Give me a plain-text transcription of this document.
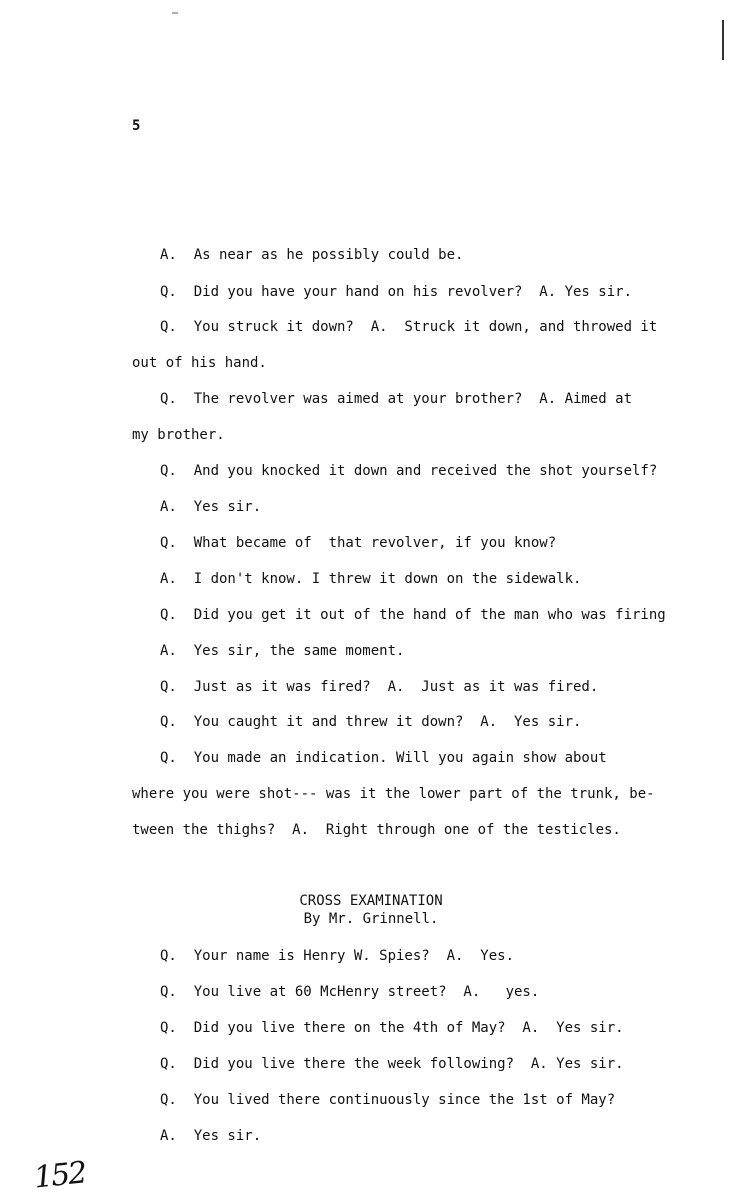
5
A.  As near as he possibly could be.
Q.  Did you have your hand on his revolver?  A. Yes sir.
Q.  You struck it down?  A.  Struck it down, and throwed it
out of his hand.
Q.  The revolver was aimed at your brother?  A. Aimed at
my brother.
Q.  And you knocked it down and received the shot yourself?
A.  Yes sir.
Q.  What became of  that revolver, if you know?
A.  I don't know. I threw it down on the sidewalk.
Q.  Did you get it out of the hand of the man who was firing
A.  Yes sir, the same moment.
Q.  Just as it was fired?  A.  Just as it was fired.
Q.  You caught it and threw it down?  A.  Yes sir.
Q.  You made an indication. Will you again show about
where you were shot--- was it the lower part of the trunk, be-
tween the thighs?  A.  Right through one of the testicles.
CROSS EXAMINATION
By Mr. Grinnell.
Q.  Your name is Henry W. Spies?  A.  Yes.
Q.  You live at 60 McHenry street?  A.   yes.
Q.  Did you live there on the 4th of May?  A.  Yes sir.
Q.  Did you live there the week following?  A. Yes sir.
Q.  You lived there continuously since the 1st of May?
A.  Yes sir.
152
